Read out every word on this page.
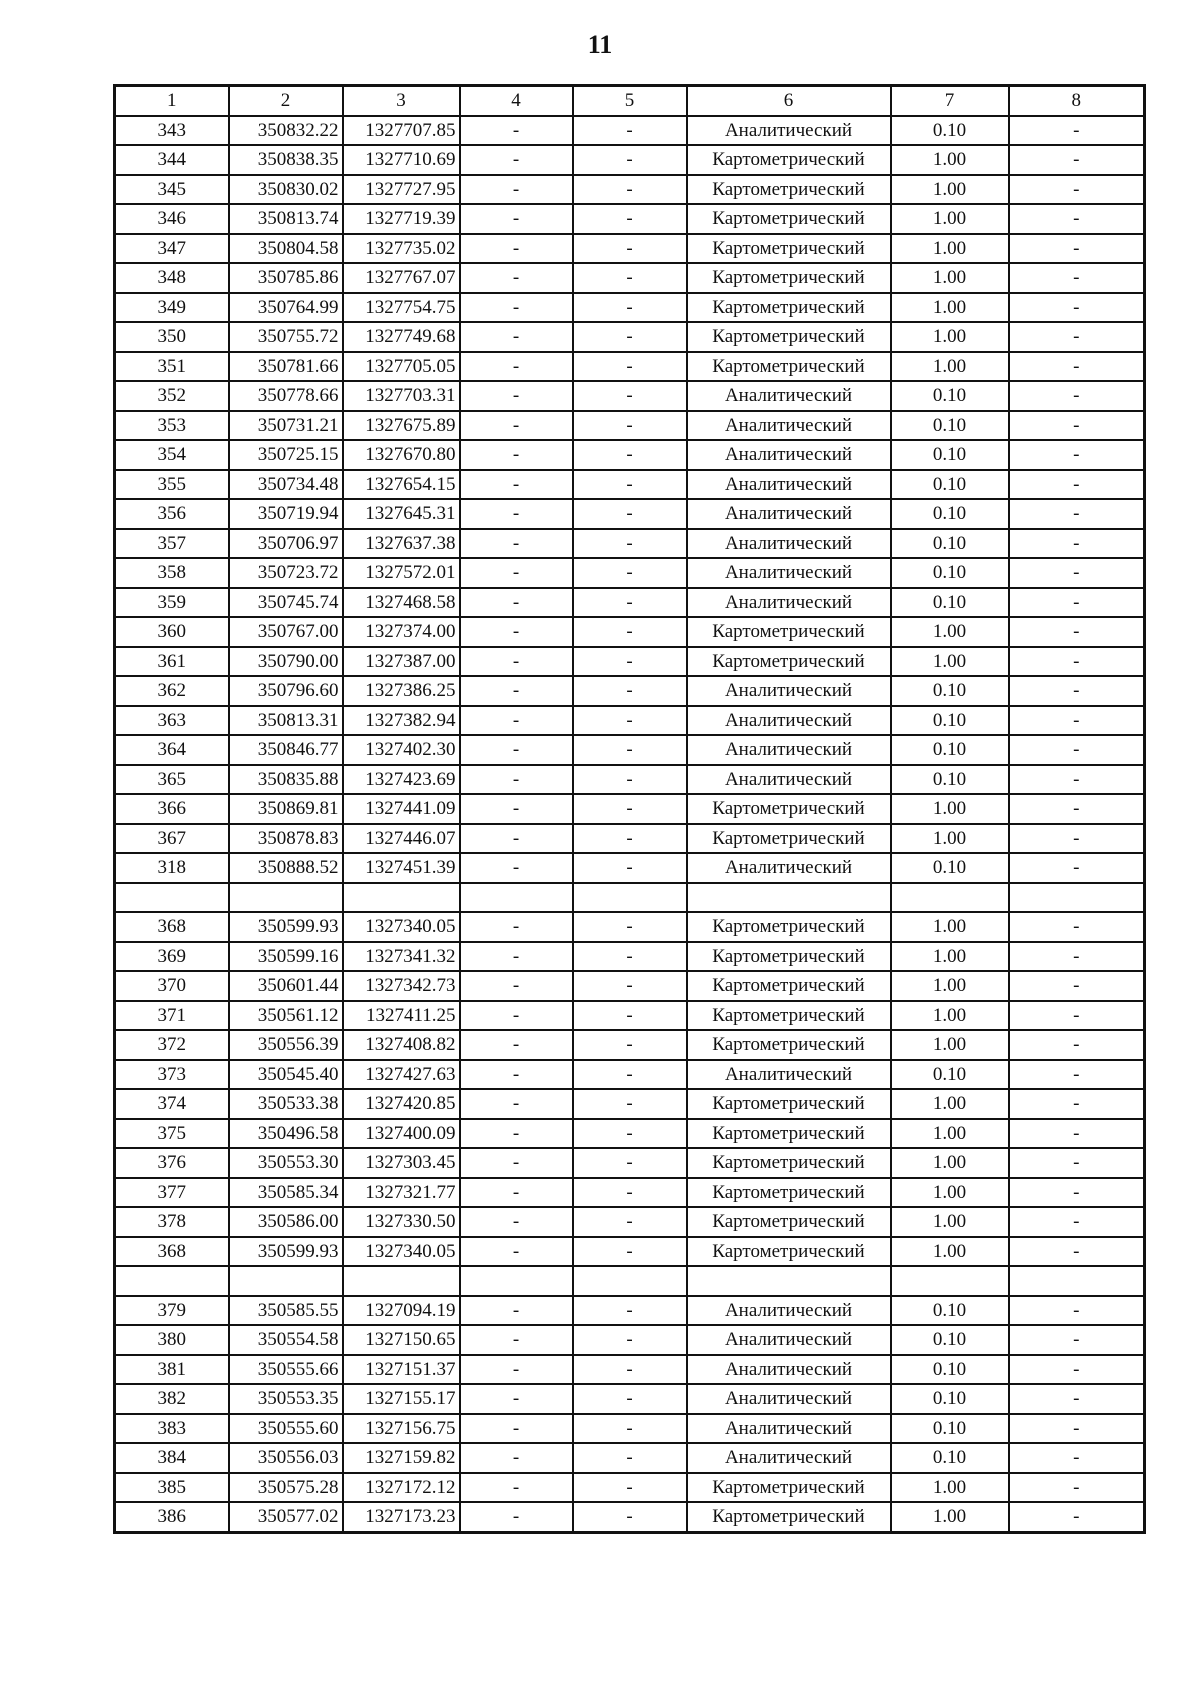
11
1	2	3	4	5	6	7	8
343	350832.22	1327707.85	-	-	Аналитический	0.10	-
344	350838.35	1327710.69	-	-	Картометрический	1.00	-
345	350830.02	1327727.95	-	-	Картометрический	1.00	-
346	350813.74	1327719.39	-	-	Картометрический	1.00	-
347	350804.58	1327735.02	-	-	Картометрический	1.00	-
348	350785.86	1327767.07	-	-	Картометрический	1.00	-
349	350764.99	1327754.75	-	-	Картометрический	1.00	-
350	350755.72	1327749.68	-	-	Картометрический	1.00	-
351	350781.66	1327705.05	-	-	Картометрический	1.00	-
352	350778.66	1327703.31	-	-	Аналитический	0.10	-
353	350731.21	1327675.89	-	-	Аналитический	0.10	-
354	350725.15	1327670.80	-	-	Аналитический	0.10	-
355	350734.48	1327654.15	-	-	Аналитический	0.10	-
356	350719.94	1327645.31	-	-	Аналитический	0.10	-
357	350706.97	1327637.38	-	-	Аналитический	0.10	-
358	350723.72	1327572.01	-	-	Аналитический	0.10	-
359	350745.74	1327468.58	-	-	Аналитический	0.10	-
360	350767.00	1327374.00	-	-	Картометрический	1.00	-
361	350790.00	1327387.00	-	-	Картометрический	1.00	-
362	350796.60	1327386.25	-	-	Аналитический	0.10	-
363	350813.31	1327382.94	-	-	Аналитический	0.10	-
364	350846.77	1327402.30	-	-	Аналитический	0.10	-
365	350835.88	1327423.69	-	-	Аналитический	0.10	-
366	350869.81	1327441.09	-	-	Картометрический	1.00	-
367	350878.83	1327446.07	-	-	Картометрический	1.00	-
318	350888.52	1327451.39	-	-	Аналитический	0.10	-

368	350599.93	1327340.05	-	-	Картометрический	1.00	-
369	350599.16	1327341.32	-	-	Картометрический	1.00	-
370	350601.44	1327342.73	-	-	Картометрический	1.00	-
371	350561.12	1327411.25	-	-	Картометрический	1.00	-
372	350556.39	1327408.82	-	-	Картометрический	1.00	-
373	350545.40	1327427.63	-	-	Аналитический	0.10	-
374	350533.38	1327420.85	-	-	Картометрический	1.00	-
375	350496.58	1327400.09	-	-	Картометрический	1.00	-
376	350553.30	1327303.45	-	-	Картометрический	1.00	-
377	350585.34	1327321.77	-	-	Картометрический	1.00	-
378	350586.00	1327330.50	-	-	Картометрический	1.00	-
368	350599.93	1327340.05	-	-	Картометрический	1.00	-

379	350585.55	1327094.19	-	-	Аналитический	0.10	-
380	350554.58	1327150.65	-	-	Аналитический	0.10	-
381	350555.66	1327151.37	-	-	Аналитический	0.10	-
382	350553.35	1327155.17	-	-	Аналитический	0.10	-
383	350555.60	1327156.75	-	-	Аналитический	0.10	-
384	350556.03	1327159.82	-	-	Аналитический	0.10	-
385	350575.28	1327172.12	-	-	Картометрический	1.00	-
386	350577.02	1327173.23	-	-	Картометрический	1.00	-
